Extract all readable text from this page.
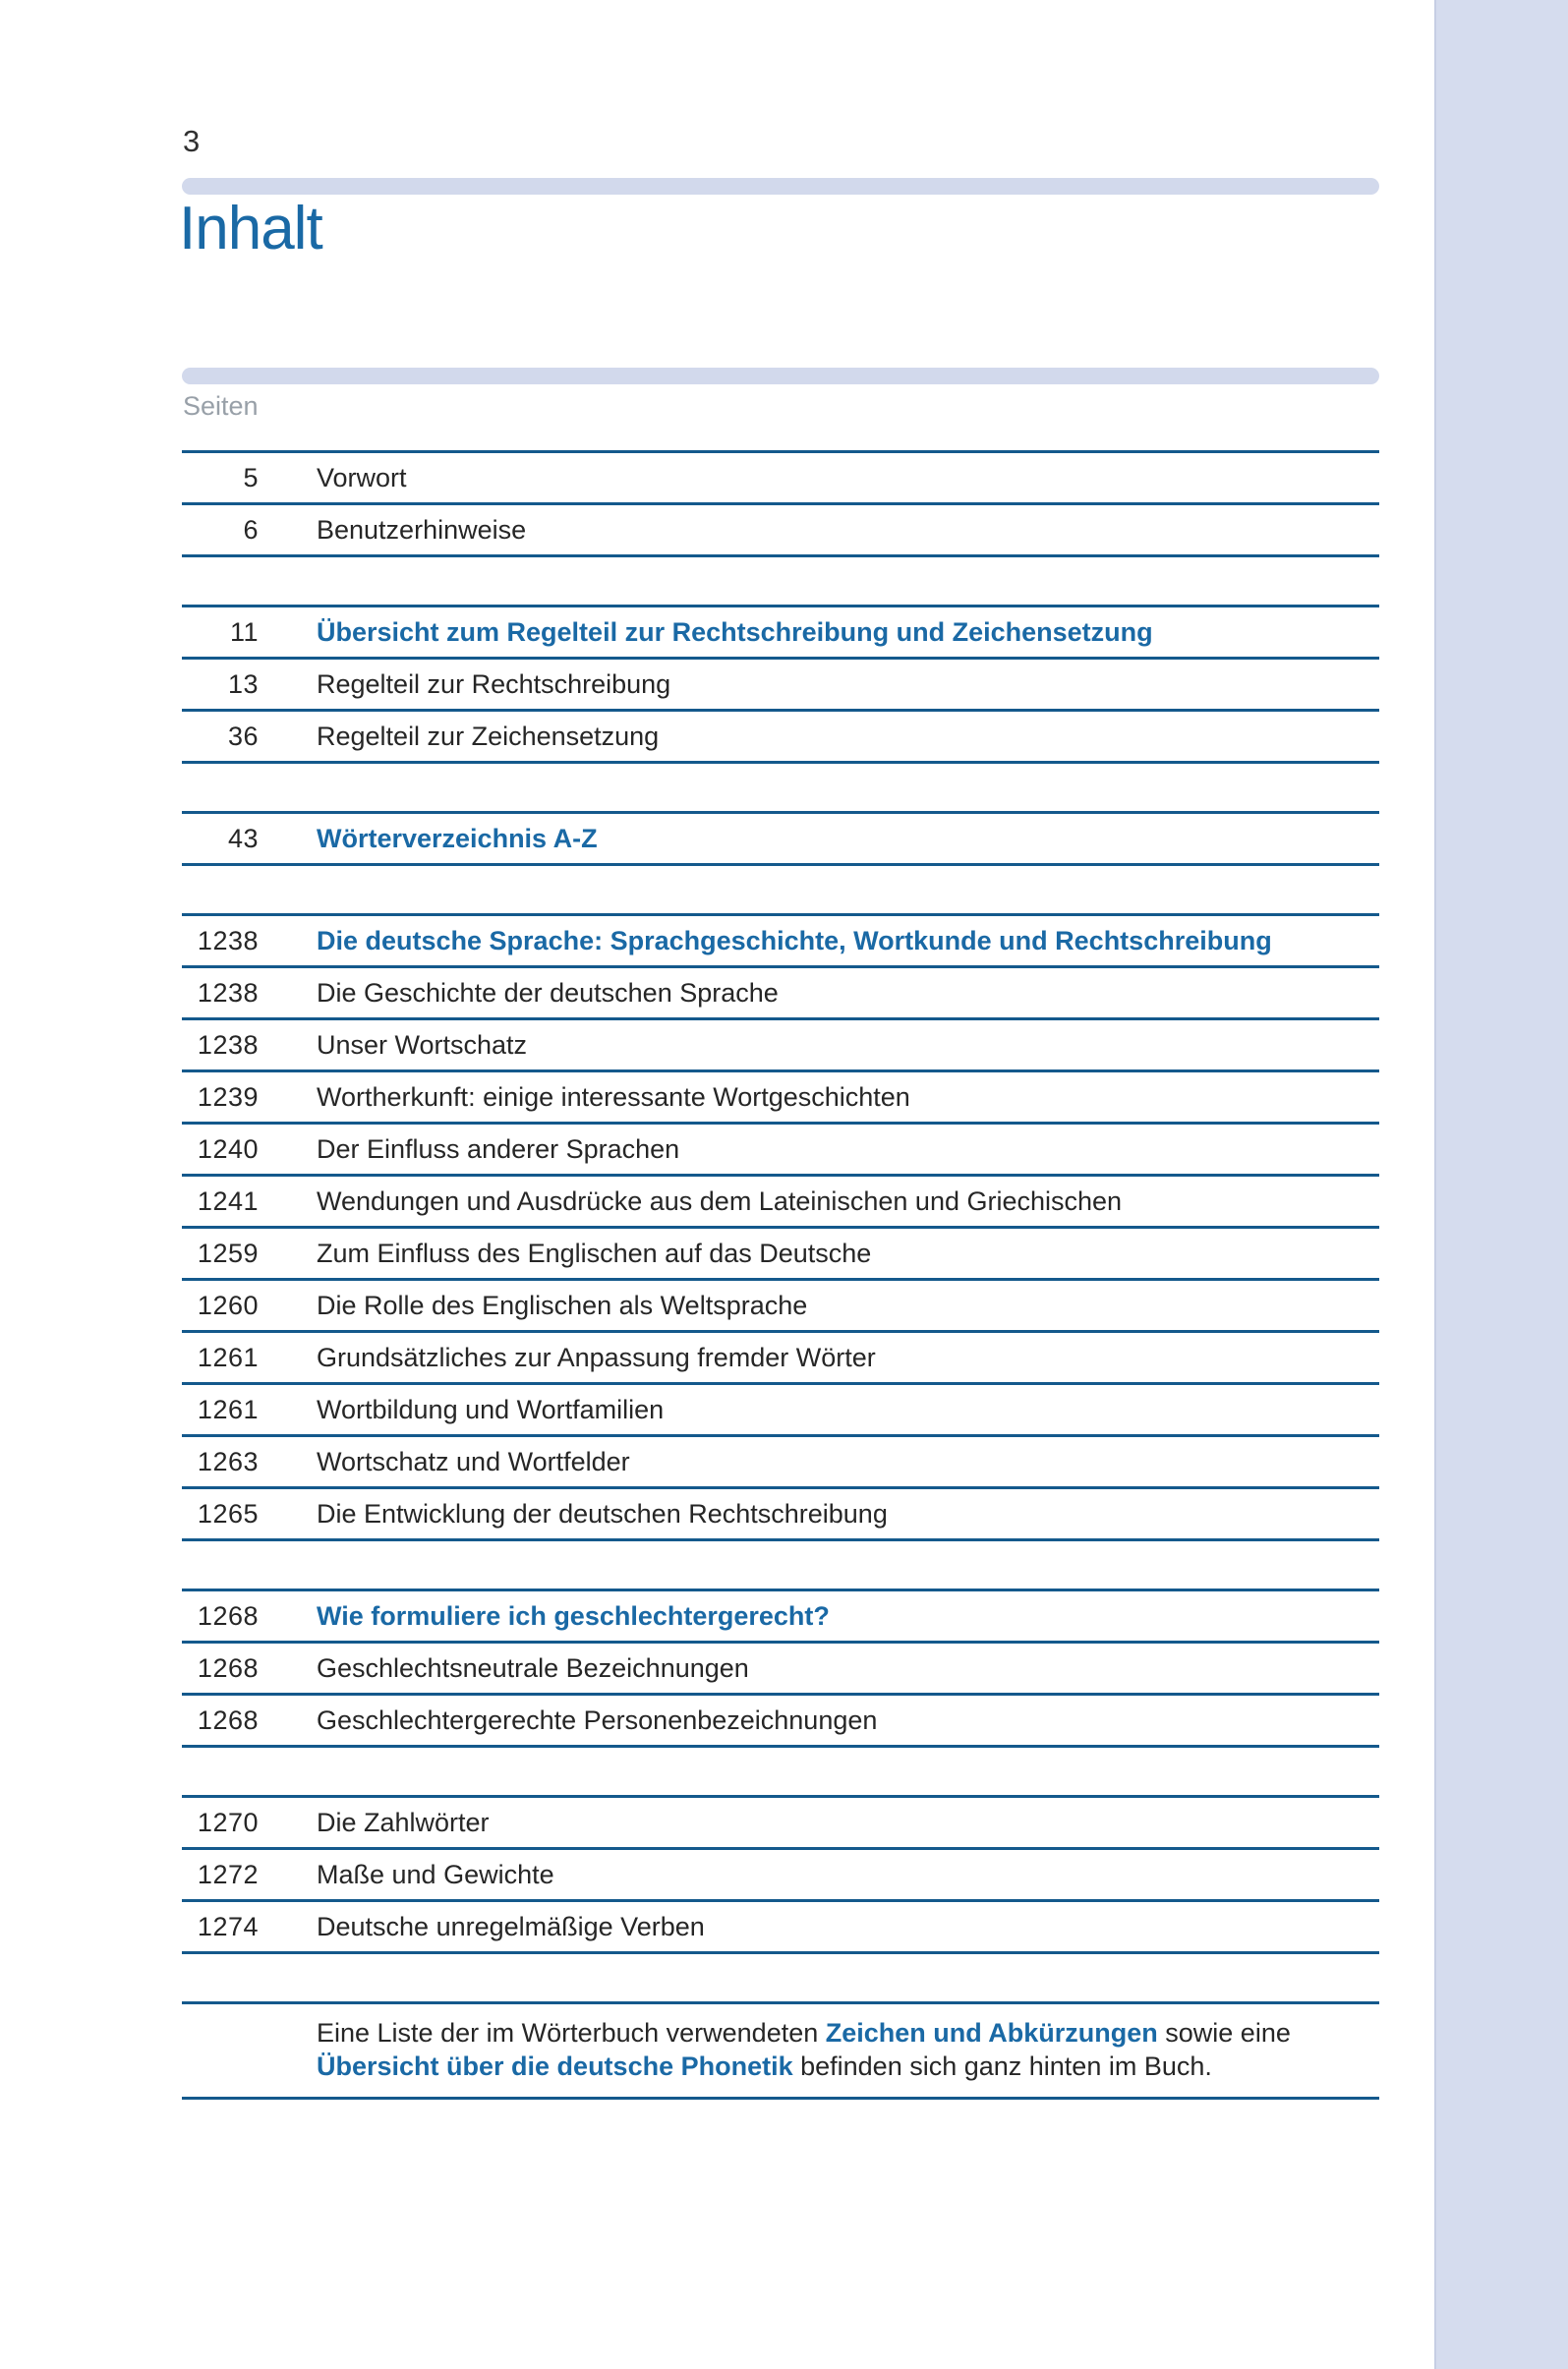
3
Inhalt
Seiten
5 Vorwort
6 Benutzerhinweise
11 Übersicht zum Regelteil zur Rechtschreibung und Zeichensetzung
13 Regelteil zur Rechtschreibung
36 Regelteil zur Zeichensetzung
43 Wörterverzeichnis A-Z
1238 Die deutsche Sprache: Sprachgeschichte, Wortkunde und Rechtschreibung
1238 Die Geschichte der deutschen Sprache
1238 Unser Wortschatz
1239 Wortherkunft: einige interessante Wortgeschichten
1240 Der Einfluss anderer Sprachen
1241 Wendungen und Ausdrücke aus dem Lateinischen und Griechischen
1259 Zum Einfluss des Englischen auf das Deutsche
1260 Die Rolle des Englischen als Weltsprache
1261 Grundsätzliches zur Anpassung fremder Wörter
1261 Wortbildung und Wortfamilien
1263 Wortschatz und Wortfelder
1265 Die Entwicklung der deutschen Rechtschreibung
1268 Wie formuliere ich geschlechtergerecht?
1268 Geschlechtsneutrale Bezeichnungen
1268 Geschlechtergerechte Personenbezeichnungen
1270 Die Zahlwörter
1272 Maße und Gewichte
1274 Deutsche unregelmäßige Verben
Eine Liste der im Wörterbuch verwendeten Zeichen und Abkürzungen sowie eine Übersicht über die deutsche Phonetik befinden sich ganz hinten im Buch.
